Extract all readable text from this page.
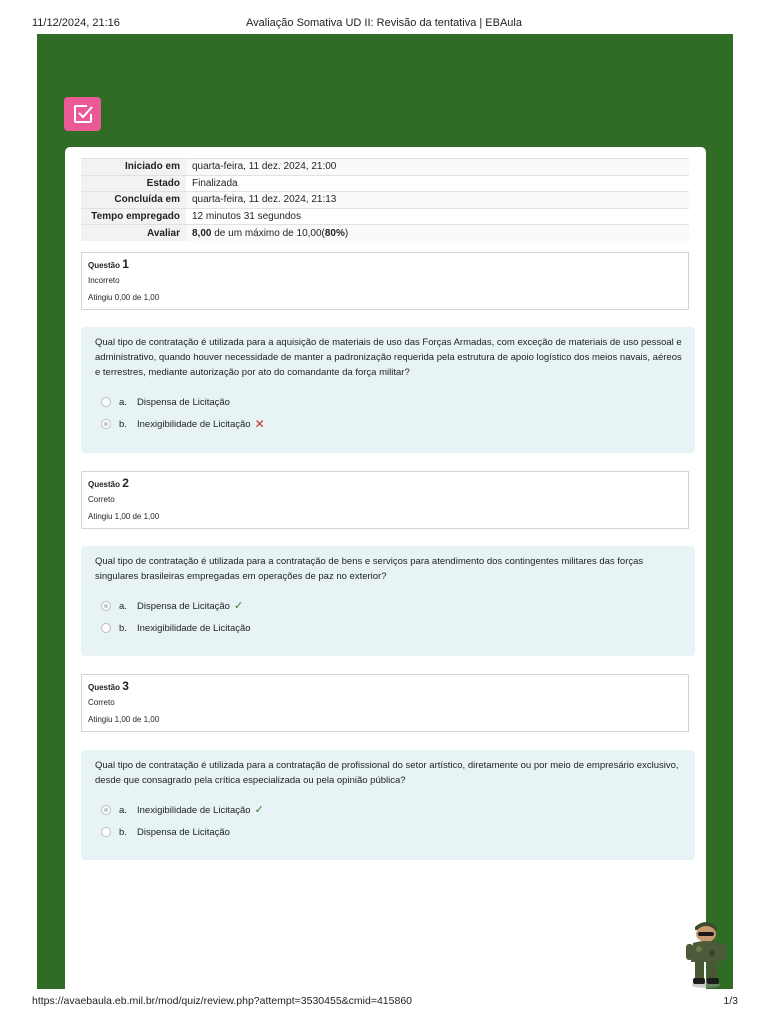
11/12/2024, 21:16	Avaliação Somativa UD II: Revisão da tentativa | EBAula
Iniciado em	quarta-feira, 11 dez. 2024, 21:00
Estado	Finalizada
Concluída em	quarta-feira, 11 dez. 2024, 21:13
Tempo empregado	12 minutos 31 segundos
Avaliar	8,00 de um máximo de 10,00(80%)
Questão 1
Incorreto
Atingiu 0,00 de 1,00
Qual tipo de contratação é utilizada para a aquisição de materiais de uso das Forças Armadas, com exceção de materiais de uso pessoal e administrativo, quando houver necessidade de manter a padronização requerida pela estrutura de apoio logístico dos meios navais, aéreos e terrestres, mediante autorização por ato do comandante da força militar?
a.	Dispensa de Licitação
b.	Inexigibilidade de Licitação ✕
Questão 2
Correto
Atingiu 1,00 de 1,00
Qual tipo de contratação é utilizada para a contratação de bens e serviços para atendimento dos contingentes militares das forças singulares brasileiras empregadas em operações de paz no exterior?
a.	Dispensa de Licitação ✓
b.	Inexigibilidade de Licitação
Questão 3
Correto
Atingiu 1,00 de 1,00
Qual tipo de contratação é utilizada para a contratação de profissional do setor artístico, diretamente ou por meio de empresário exclusivo, desde que consagrado pela crítica especializada ou pela opinião pública?
a.	Inexigibilidade de Licitação ✓
b.	Dispensa de Licitação
https://avaebaula.eb.mil.br/mod/quiz/review.php?attempt=3530455&cmid=415860	1/3
